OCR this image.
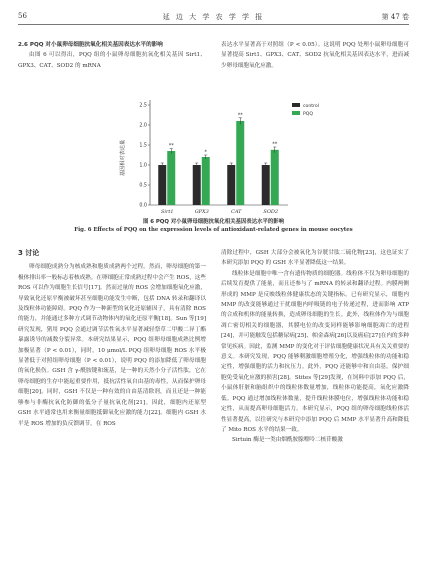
56	延 边 大 学 农 学 学 报	第 47 卷

2.6 PQQ 对小鼠卵母细胞抗氧化相关基因表达水平的影响

由图 6 可以得出，PQQ 组的小鼠卵母细胞抗氧化相关基因 Sirt1、GPX3、CAT、SOD2 的 mRNA

表达水平显著高于对照组（P < 0.05）。这说明 PQQ 处理小鼠卵母细胞可显著提高 Sirt1、GPX3、CAT、SOD2 抗氧化相关基因表达水平，进而减少卵母细胞氧化应激。

基因相对表达量
0.0
0.5
1.0
1.5
2.0
2.5
**
Sirt1
*
GPX3
**
CAT
**
SOD2
control
PQQ
图 6 PQQ 对小鼠卵母细胞抗氧化相关基因表达水平的影响
Fig. 6 Effects of PQQ on the expression levels of antioxidant-related genes in mouse oocytes

3 讨论

卵母细胞成熟分为核成熟和胞质成熟两个过程。然而，卵母细胞的第一极体排出率一般标志着核成熟。在卵细胞正常成熟过程中会产生 ROS，这些 ROS 可以作为细胞生长信号[17]。然而过量的 ROS 会增加细胞氧化应激，导致氧化还原平衡被破坏甚至细胞功能发生中断，包括 DNA 转录和翻译以及线粒体功能障碍。PQQ 作为一种新型的氧化还原辅因子，具有清除 ROS 的能力，并能通过多种方式调节动物体内的氧化还原平衡[18]。Sun 等[19]研究发现，猪用 PQQ 会通过调节活性氧水平显著减轻祭草二甲酸二异丁酯暴露诱导的减数分裂异常。本研究结果显示，PQQ 组卵母细胞成熟比例增加极显著（P < 0.01），同时，10 μmol/L PQQ 组卵母细胞 ROS 水平极显著低于对照组卵母细胞（P < 0.01），说明 PQQ 的添加降低了卵母细胞的氧化损伤。GSH 含 γ-酰胺键和巯基，是一种的天然小分子活性肽，它在卵母细胞的生存中能起重要作用，抵抗活性氧自由基的毒性，从而保护卵母细胞[20]。同时，GSH 不仅是一种有效的自由基清除剂，而且还是一种能够参与非酶抗氧化防御的低分子量抗氧化剂[21]。因此，细胞内还原型 GSH 水平通常也用来衡量细胞抵御氧化应激的能力[22]。细胞内 GSH 水平是 ROS 增加的负反馈调节，在 ROS

清除过程中，GSH 大部分会被氧化为谷胱甘肽二硫化物[23]，这也证实了本研究添加 PQQ 的 GSH 水平显著降低这一结果。

线粒体是细胞中唯一含有遗传物质的细胞器。线粒体不仅为卵母细胞的后续发育提供了能量，而且还参与了 mRNA 的转录和翻译过程。内膜两侧形成的 MMP 是反映线粒体健康状态的关键指标。已有研究显示，细胞内 MMP 的改变能够通过干扰细胞内呼吸链的电子传递过程，进而影响 ATP 的合成和机体的能量转换，造成卵母细胞的生长。此外，线粒体作为与细胞凋亡密切相关的细胞器，其膜电位的改变同样能够影响细胞凋亡的进程[24]，并可能触发包括糖尿病[25]、帕金森病[26]以及癌症[27]在内的多种常见疾病。因此，监测 MMP 的变化对于评估细胞健康状况具有关关重要的意义。本研究发现，PQQ 能够剩激细胞增殖分化，增强线粒体的功能和稳定性，增强细胞的活力和抗压力。此外，PQQ 还能够中和自由基，保护细胞免受氧化应激的损害[28]。Stites 等[29]发现，在饲料中添加 PQQ 后，小鼠体肝脏和脑组织中的线粒体数量增加，线粒体功能提高，氧化应激降低。PQQ 通过增加线粒体数量，提升线粒体膜电位，增强线粒体功能和稳定性，从而提高卵母细胞活力。本研究显示，PQQ 组的卵母细胞线粒体活性显著提高，以往研究与本研究中添加 PQQ 后 MMP 水平显著升高和降低了 Mito ROS 水平的结果一致。

Sirtuin 酶是一类由烟酰胺腺嘌呤二核苷酸激
